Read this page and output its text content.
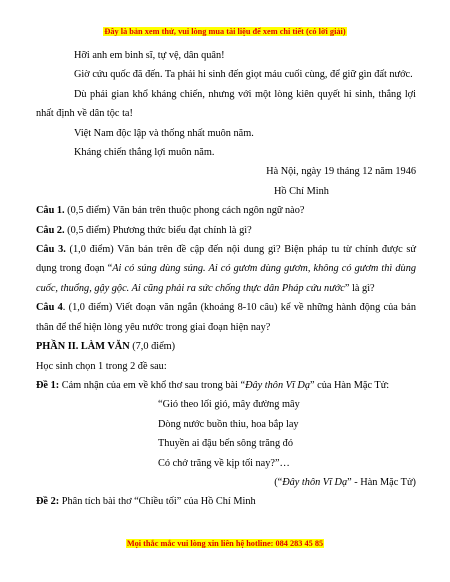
Đây là bản xem thử, vui lòng mua tài liệu để xem chi tiết (có lời giải)

Hỡi anh em binh sĩ, tự vệ, dân quân!

Giờ cứu quốc đã đến. Ta phải hi sinh đến giọt máu cuối cùng, để giữ gìn đất nước.

Dù phải gian khổ kháng chiến, nhưng với một lòng kiên quyết hi sinh, thắng lợi nhất định về dân tộc ta!

Việt Nam độc lập và thống nhất muôn năm.

Kháng chiến thắng lợi muôn năm.

Hà Nội, ngày 19 tháng 12 năm 1946

Hồ Chí Minh

Câu 1. (0,5 điểm) Văn bản trên thuộc phong cách ngôn ngữ nào?

Câu 2. (0,5 điểm) Phương thức biểu đạt chính là gì?

Câu 3. (1,0 điểm) Văn bản trên đề cập đến nội dung gì? Biện pháp tu từ chính được sử dụng trong đoạn “Ai có súng dùng súng. Ai có gươm dùng gươm, không có gươm thì dùng cuốc, thuổng, gậy gộc. Ai cũng phải ra sức chống thực dân Pháp cứu nước” là gì?

Câu 4. (1,0 điểm) Viết đoạn văn ngắn (khoảng 8-10 câu) kể về những hành động của bản thân để thể hiện lòng yêu nước trong giai đoạn hiện nay?

PHẦN II. LÀM VĂN (7,0 điểm)

Học sinh chọn 1 trong 2 đề sau:

Đề 1: Cảm nhận của em về khổ thơ sau trong bài “Đây thôn Vĩ Dạ” của Hàn Mặc Tử:

“Gió theo lối gió, mây đường mây

Dòng nước buồn thiu, hoa bắp lay

Thuyền ai đậu bến sông trăng đó

Có chở trăng về kịp tối nay?”…

(“Đây thôn Vĩ Dạ” - Hàn Mặc Tử)

Đề 2: Phân tích bài thơ “Chiều tối” của Hồ Chí Minh

Mọi thắc mắc vui lòng xin liên hệ hotline: 084 283 45 85
